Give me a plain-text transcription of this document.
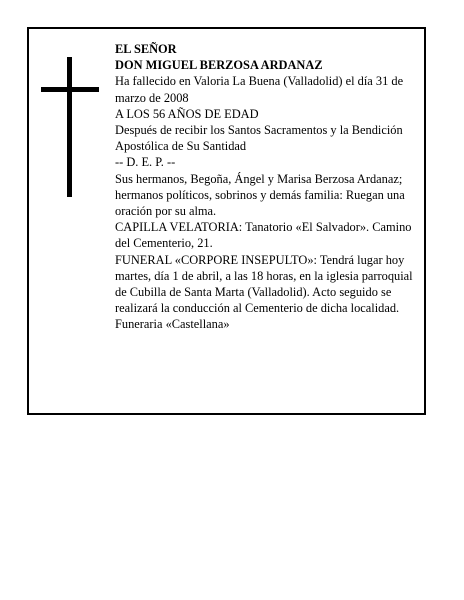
EL SEÑOR

DON MIGUEL BERZOSA ARDANAZ

Ha fallecido en Valoria La Buena (Valladolid) el día 31 de marzo de 2008

A LOS 56 AÑOS DE EDAD

Después de recibir los Santos Sacramentos y la Bendición Apostólica de Su Santidad

-- D. E. P. --

Sus hermanos, Begoña, Ángel y Marisa Berzosa Ardanaz; hermanos políticos, sobrinos y demás familia: Ruegan una oración por su alma.

CAPILLA VELATORIA: Tanatorio «El Salvador». Camino del Cementerio, 21.

FUNERAL «CORPORE INSEPULTO»: Tendrá lugar hoy martes, día 1 de abril, a las 18 horas, en la iglesia parroquial de Cubilla de Santa Marta (Valladolid). Acto seguido se realizará la conducción al Cementerio de dicha localidad.

Funeraria «Castellana»
